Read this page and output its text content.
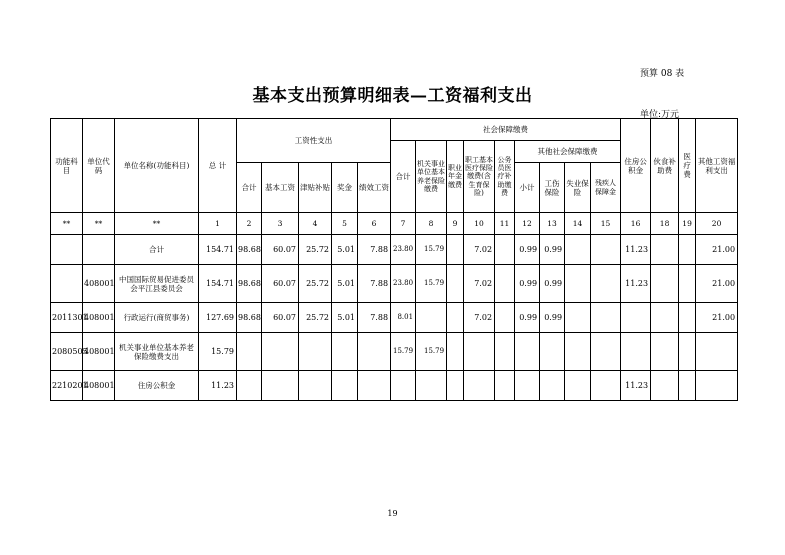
预算 08 表
基本支出预算明细表—工资福利支出
单位:万元
功能科目	单位代码	单位名称(功能科目)	总 计	工资性支出					社会保障缴费									住房公积金	伙食补助费	医疗费	其他工资福利支出
									合计	机关事业单位基本养老保险缴费	职业年金缴费	职工基本医疗保险缴费(含生育保险)	公务员医疗补助缴费	其他社会保障缴费							
				合计	基本工资	津贴补贴	奖金	绩效工资						小计	工伤保险	失业保险	残疾人保障金				
**	**	**	1	2	3	4	5	6	7	8	9	10	11	12	13	14	15	16	18	19	20
		合计	154.71	98.68	60.07	25.72	5.01	7.88	23.80	15.79		7.02		0.99	0.99			11.23			21.00
	408001	中国国际贸易促进委员会平江县委员会	154.71	98.68	60.07	25.72	5.01	7.88	23.80	15.79		7.02		0.99	0.99			11.23			21.00
2011301	408001	行政运行(商贸事务)	127.69	98.68	60.07	25.72	5.01	7.88	8.01			7.02		0.99	0.99						21.00
2080505	408001	机关事业单位基本养老保险缴费支出	15.79						15.79	15.79											
2210201	408001	住房公积金	11.23															11.23			
19
